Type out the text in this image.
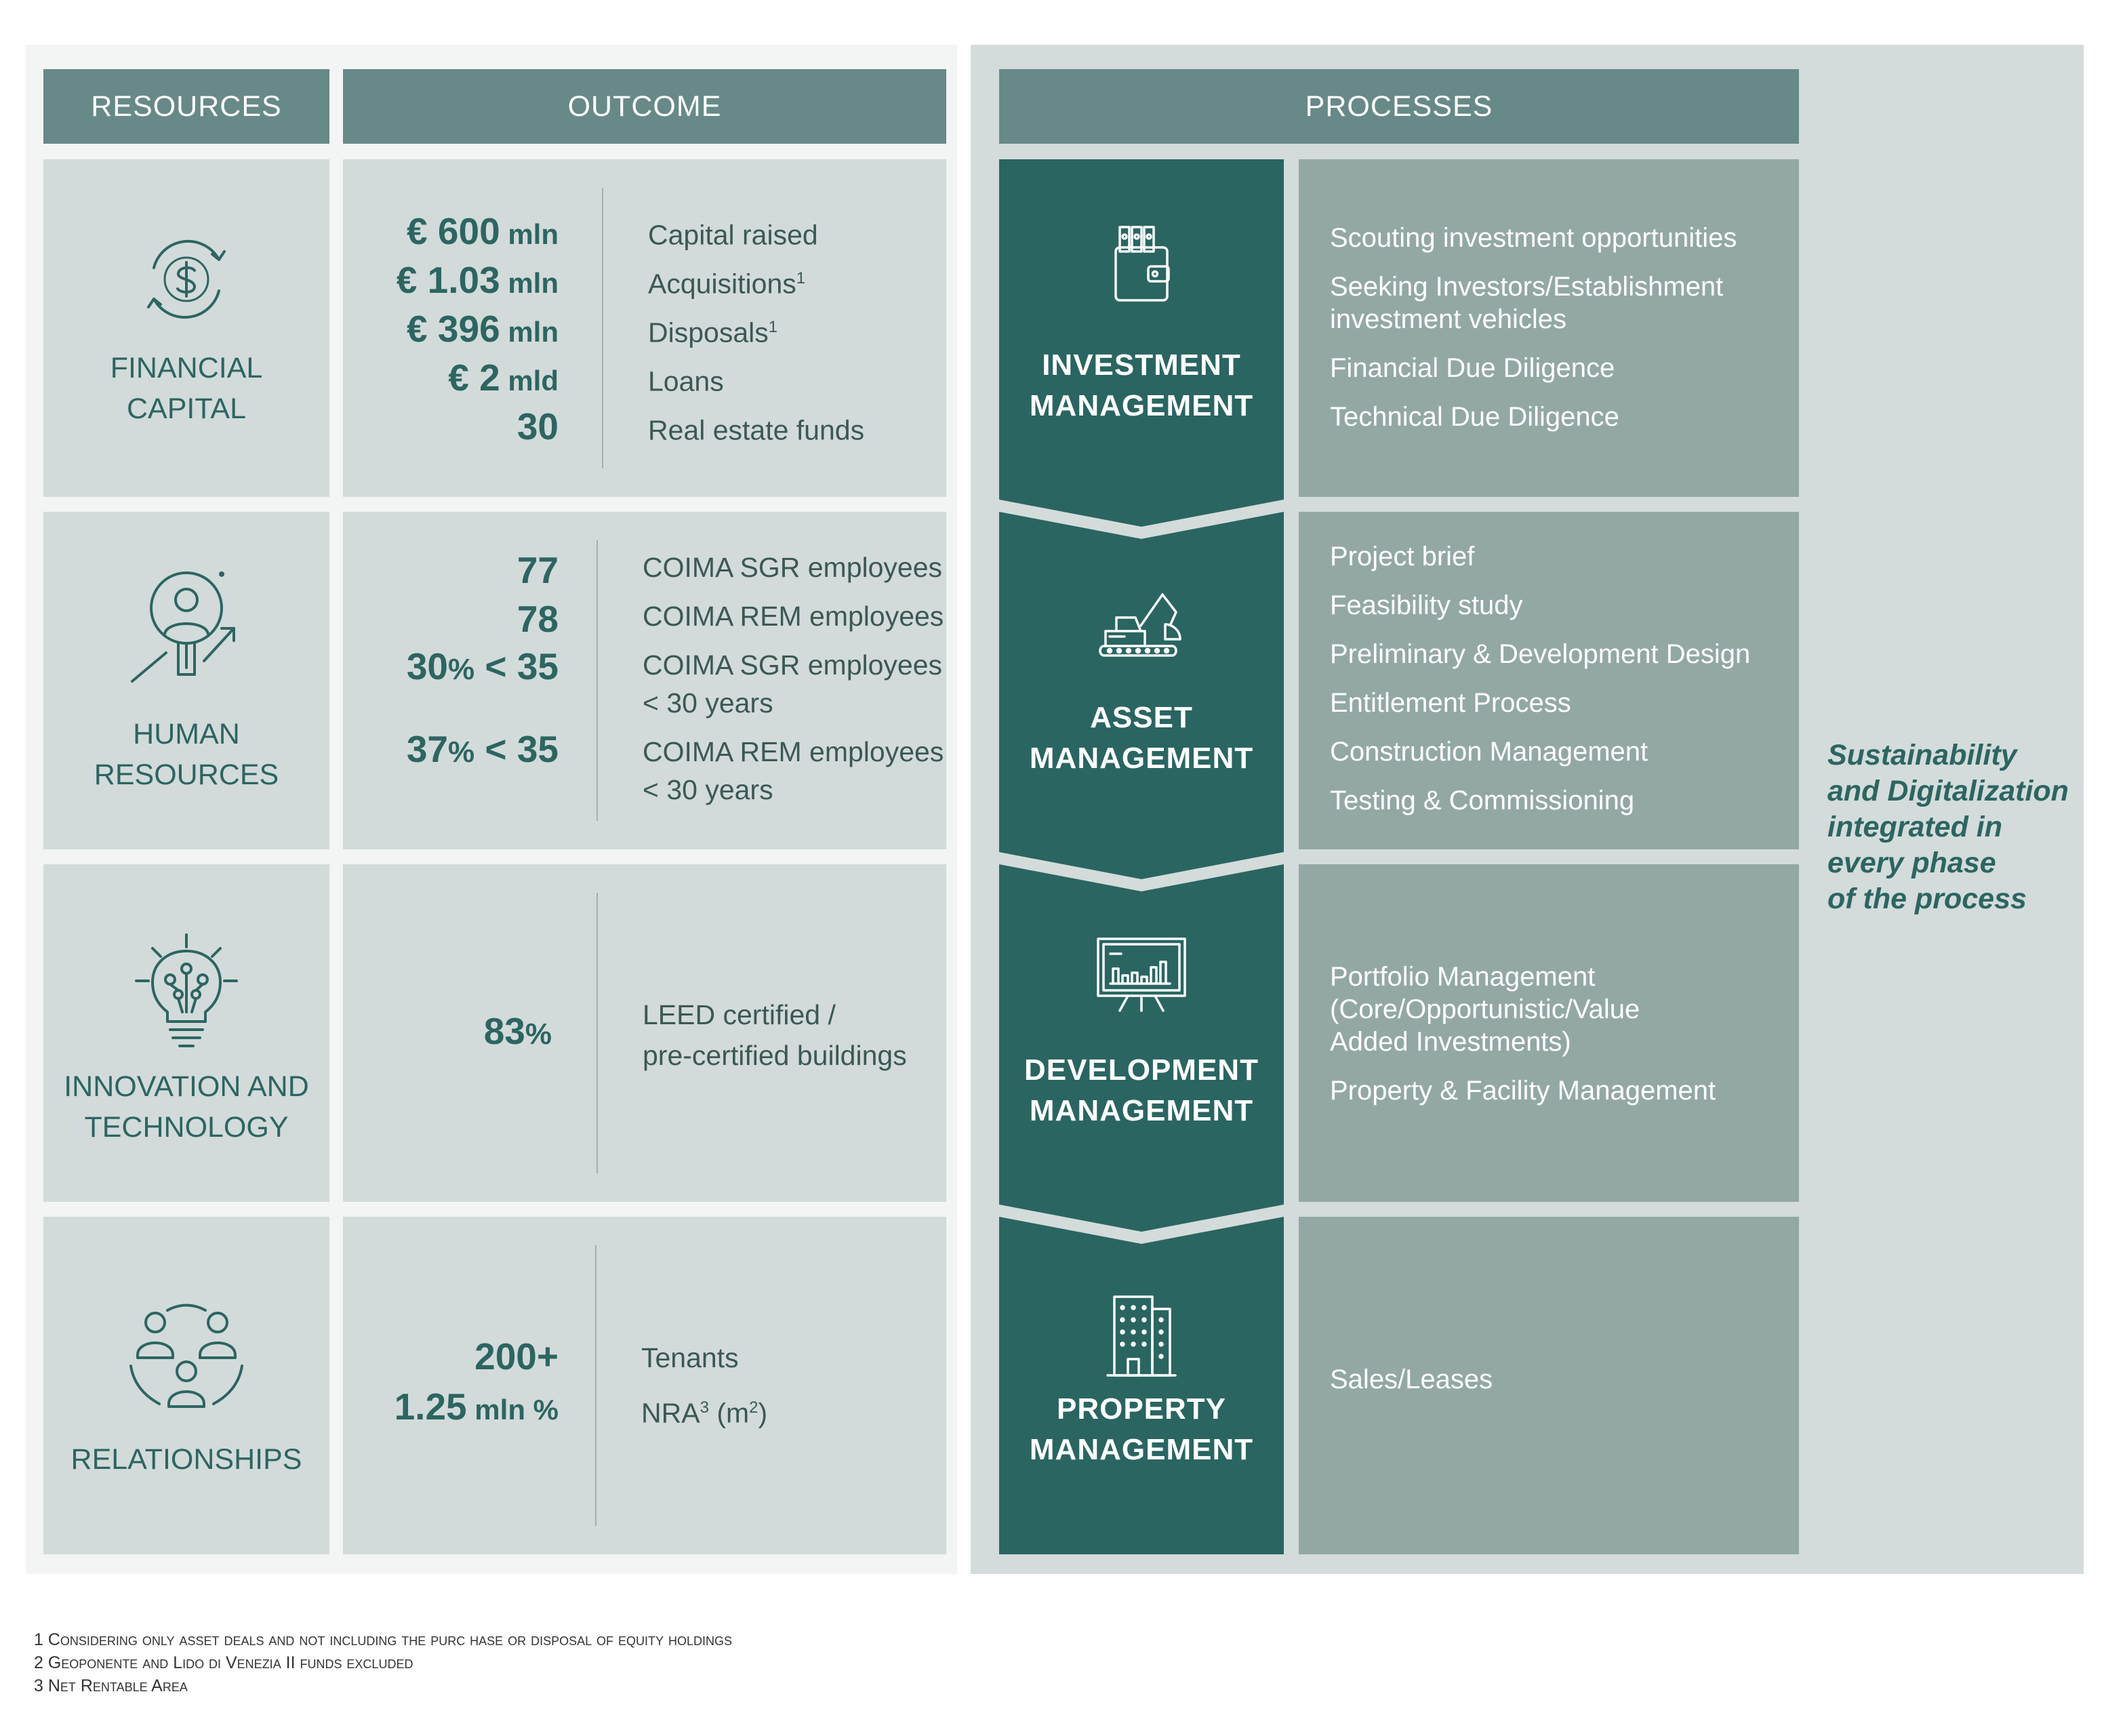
RESOURCES	OUTCOME	PROCESSES
FINANCIAL
CAPITAL
€ 600 mln
€ 1.03 mln
€ 396 mln
€ 2 mld
30
Capital raised
Acquisitions$^1$
Disposals$^1$
Loans
Real estate funds
HUMAN
RESOURCES
77
78
30% < 35
37% < 35
COIMA SGR employees
COIMA REM employees
COIMA SGR employees
< 30 years
COIMA REM employees
< 30 years
INNOVATION AND
TECHNOLOGY
83%
LEED certified /
pre-certified buildings
RELATIONSHIPS
200+
1.25 mln %
Tenants
NRA$^3$ $(m^2)$
INVESTMENT
MANAGEMENT
Scouting investment opportunities
Seeking Investors/Establishment investment vehicles
Financial Due Diligence
Technical Due Diligence
ASSET
MANAGEMENT
Project brief
Feasibility study
Preliminary & Development Design
Entitlement Process
Construction Management
Testing & Commissioning
DEVELOPMENT
MANAGEMENT
Portfolio Management (Core/Opportunistic/Value Added Investments)
Property & Facility Management
PROPERTY
MANAGEMENT
Sales/Leases
Sustainability
and Digitalization
integrated in
every phase
of the process
1 Considering only asset deals and not including the purc hase or disposal of equity holdings
2 Geoponente and Lido di Venezia II funds excluded
3 Net Rentable Area
